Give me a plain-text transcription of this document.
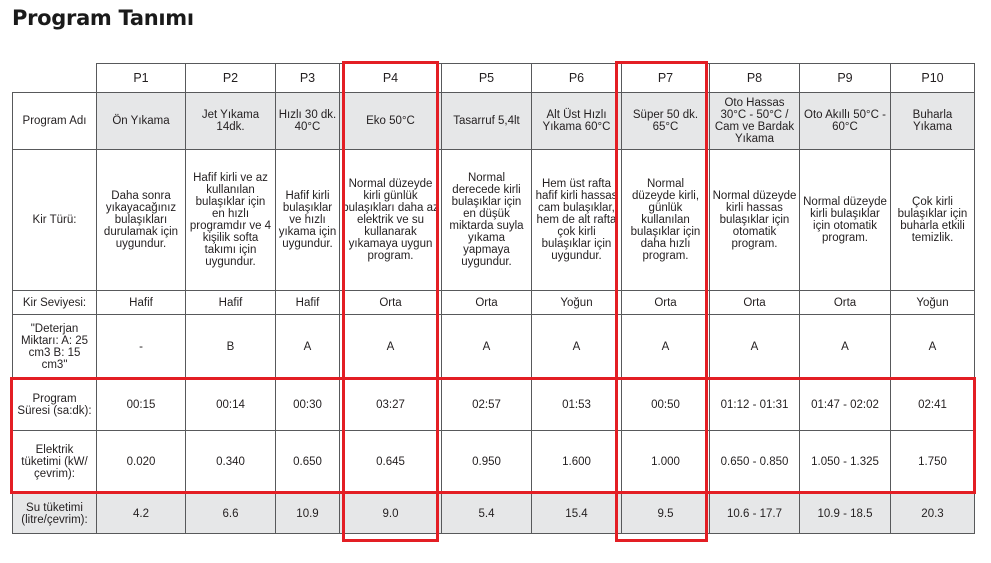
Program Tanımı
	P1	P2	P3	P4	P5	P6	P7	P8	P9	P10
Program Adı	Ön Yıkama	Jet Yıkama 14dk.	Hızlı 30 dk. 40°C	Eko 50°C	Tasarruf 5,4lt	Alt Üst Hızlı Yıkama 60°C	Süper 50 dk. 65°C	Oto Hassas 30°C - 50°C / Cam ve Bardak Yıkama	Oto Akıllı 50°C - 60°C	Buharla Yıkama
Kir Türü:	Daha sonra yıkayacağınız bulaşıkları durulamak için uygundur.	Hafif kirli ve az kullanılan bulaşıklar için en hızlı programdır ve 4 kişilik softa takımı için uygundur.	Hafif kirli bulaşıklar ve hızlı yıkama için uygundur.	Normal düzeyde kirli günlük bulaşıkları daha az elektrik ve su kullanarak yıkamaya uygun program.	Normal derecede kirli bulaşıklar için en düşük miktarda suyla yıkama yapmaya uygundur.	Hem üst rafta hafif kirli hassas cam bulaşıklar, hem de alt rafta çok kirli bulaşıklar için uygundur.	Normal düzeyde kirli, günlük kullanılan bulaşıklar için daha hızlı program.	Normal düzeyde kirli hassas bulaşıklar için otomatik program.	Normal düzeyde kirli bulaşıklar için otomatik program.	Çok kirli bulaşıklar için buharla etkili temizlik.
Kir Seviyesi:	Hafif	Hafif	Hafif	Orta	Orta	Yoğun	Orta	Orta	Orta	Yoğun
"Deterjan Miktarı: A: 25 cm3 B: 15 cm3"	-	B	A	A	A	A	A	A	A	A
Program Süresi (sa:dk):	00:15	00:14	00:30	03:27	02:57	01:53	00:50	01:12 - 01:31	01:47 - 02:02	02:41
Elektrik tüketimi (kW/çevrim):	0.020	0.340	0.650	0.645	0.950	1.600	1.000	0.650 - 0.850	1.050 - 1.325	1.750
Su tüketimi (litre/çevrim):	4.2	6.6	10.9	9.0	5.4	15.4	9.5	10.6 - 17.7	10.9 - 18.5	20.3
